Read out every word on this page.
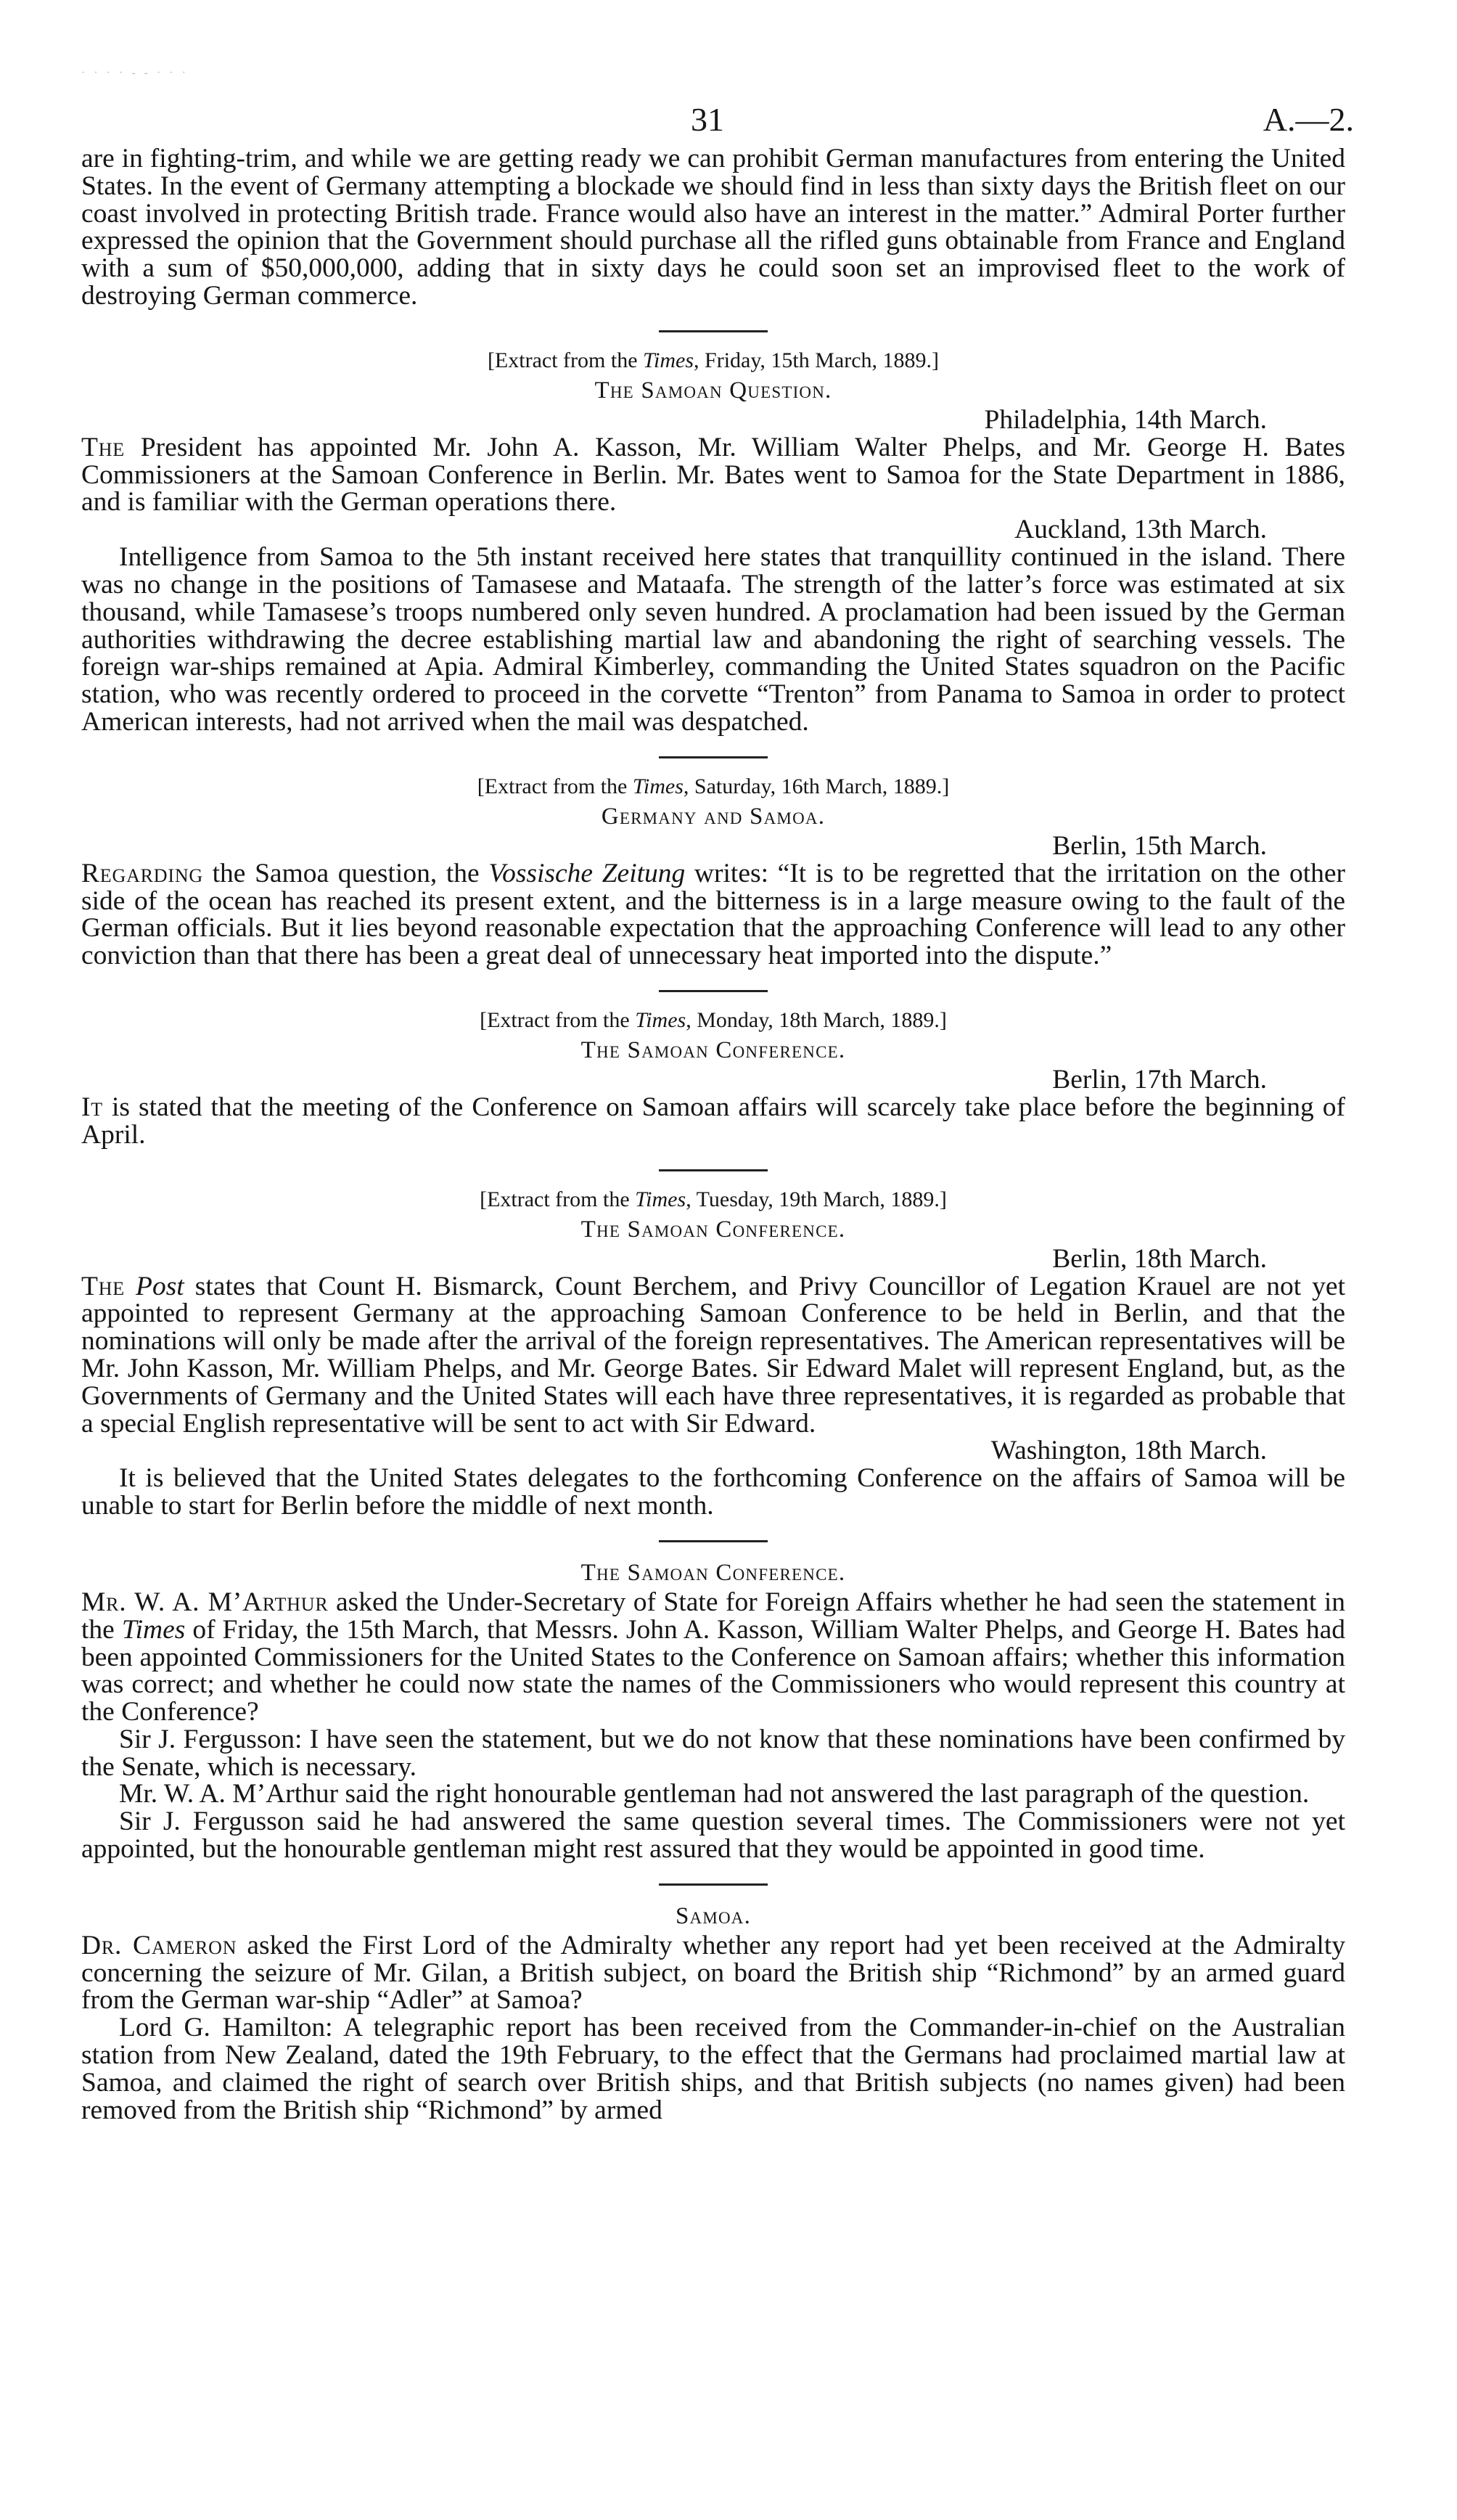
· · · · - - · · ·
31	A.—2.

are in fighting-trim, and while we are getting ready we can prohibit German manufactures from entering the United States. In the event of Germany attempting a blockade we should find in less than sixty days the British fleet on our coast involved in protecting British trade. France would also have an interest in the matter.” Admiral Porter further expressed the opinion that the Government should purchase all the rifled guns obtainable from France and England with a sum of $50,000,000, adding that in sixty days he could soon set an improvised fleet to the work of destroying German commerce.

[Extract from the Times, Friday, 15th March, 1889.]
The Samoan Question.
Philadelphia, 14th March.

The President has appointed Mr. John A. Kasson, Mr. William Walter Phelps, and Mr. George H. Bates Commissioners at the Samoan Conference in Berlin. Mr. Bates went to Samoa for the State Department in 1886, and is familiar with the German operations there.

Auckland, 13th March.

Intelligence from Samoa to the 5th instant received here states that tranquillity continued in the island. There was no change in the positions of Tamasese and Mataafa. The strength of the latter’s force was estimated at six thousand, while Tamasese’s troops numbered only seven hundred. A proclamation had been issued by the German authorities withdrawing the decree establishing martial law and abandoning the right of searching vessels. The foreign war-ships remained at Apia. Admiral Kimberley, commanding the United States squadron on the Pacific station, who was recently ordered to proceed in the corvette “Trenton” from Panama to Samoa in order to protect American interests, had not arrived when the mail was despatched.

[Extract from the Times, Saturday, 16th March, 1889.]
Germany and Samoa.
Berlin, 15th March.

Regarding the Samoa question, the Vossische Zeitung writes: “It is to be regretted that the irritation on the other side of the ocean has reached its present extent, and the bitterness is in a large measure owing to the fault of the German officials. But it lies beyond reasonable expectation that the approaching Conference will lead to any other conviction than that there has been a great deal of unnecessary heat imported into the dispute.”

[Extract from the Times, Monday, 18th March, 1889.]
The Samoan Conference.
Berlin, 17th March.

It is stated that the meeting of the Conference on Samoan affairs will scarcely take place before the beginning of April.

[Extract from the Times, Tuesday, 19th March, 1889.]
The Samoan Conference.
Berlin, 18th March.

The Post states that Count H. Bismarck, Count Berchem, and Privy Councillor of Legation Krauel are not yet appointed to represent Germany at the approaching Samoan Conference to be held in Berlin, and that the nominations will only be made after the arrival of the foreign representatives. The American representatives will be Mr. John Kasson, Mr. William Phelps, and Mr. George Bates. Sir Edward Malet will represent England, but, as the Governments of Germany and the United States will each have three representatives, it is regarded as probable that a special English representative will be sent to act with Sir Edward.

Washington, 18th March.

It is believed that the United States delegates to the forthcoming Conference on the affairs of Samoa will be unable to start for Berlin before the middle of next month.

The Samoan Conference.

Mr. W. A. M’Arthur asked the Under-Secretary of State for Foreign Affairs whether he had seen the statement in the Times of Friday, the 15th March, that Messrs. John A. Kasson, William Walter Phelps, and George H. Bates had been appointed Commissioners for the United States to the Conference on Samoan affairs; whether this information was correct; and whether he could now state the names of the Commissioners who would represent this country at the Conference?

Sir J. Fergusson: I have seen the statement, but we do not know that these nominations have been confirmed by the Senate, which is necessary.

Mr. W. A. M’Arthur said the right honourable gentleman had not answered the last paragraph of the question.

Sir J. Fergusson said he had answered the same question several times. The Commissioners were not yet appointed, but the honourable gentleman might rest assured that they would be appointed in good time.

Samoa.

Dr. Cameron asked the First Lord of the Admiralty whether any report had yet been received at the Admiralty concerning the seizure of Mr. Gilan, a British subject, on board the British ship “Richmond” by an armed guard from the German war-ship “Adler” at Samoa?

Lord G. Hamilton: A telegraphic report has been received from the Commander-in-chief on the Australian station from New Zealand, dated the 19th February, to the effect that the Germans had proclaimed martial law at Samoa, and claimed the right of search over British ships, and that British subjects (no names given) had been removed from the British ship “Richmond” by armed
